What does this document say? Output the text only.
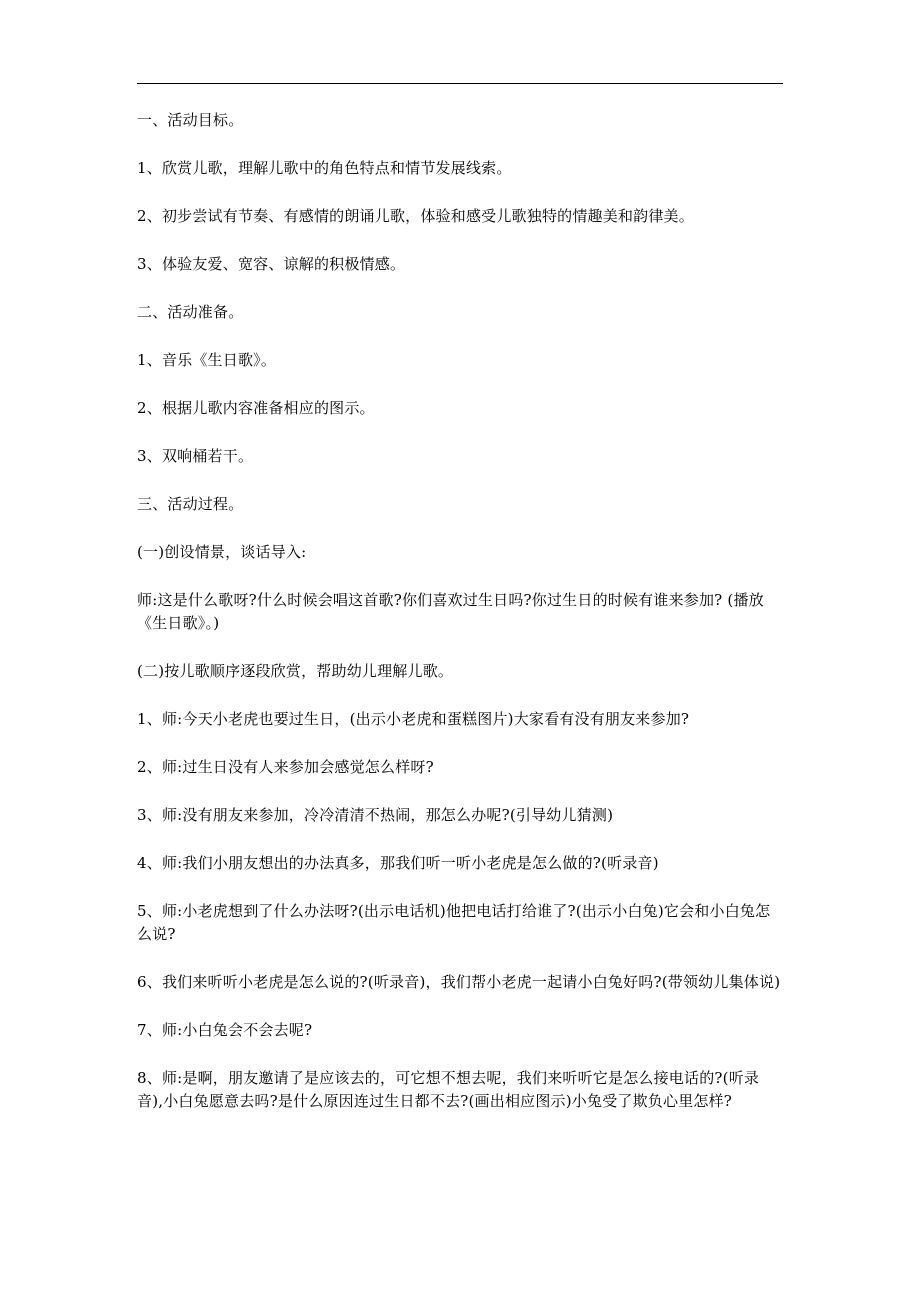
一、活动目标。

1、欣赏儿歌，理解儿歌中的角色特点和情节发展线索。

2、初步尝试有节奏、有感情的朗诵儿歌，体验和感受儿歌独特的情趣美和韵律美。

3、体验友爱、宽容、谅解的积极情感。

二、活动准备。

1、音乐《生日歌》。

2、根据儿歌内容准备相应的图示。

3、双响桶若干。

三、活动过程。

(一)创设情景，谈话导入:

师:这是什么歌呀?什么时候会唱这首歌?你们喜欢过生日吗?你过生日的时候有谁来参加? (播放《生日歌》。)

(二)按儿歌顺序逐段欣赏，帮助幼儿理解儿歌。

1、师:今天小老虎也要过生日，(出示小老虎和蛋糕图片)大家看有没有朋友来参加?

2、师:过生日没有人来参加会感觉怎么样呀?

3、师:没有朋友来参加，冷冷清清不热闹，那怎么办呢?(引导幼儿猜测)

4、师:我们小朋友想出的办法真多，那我们听一听小老虎是怎么做的?(听录音)

5、师:小老虎想到了什么办法呀?(出示电话机)他把电话打给谁了?(出示小白兔)它会和小白兔怎么说?

6、我们来听听小老虎是怎么说的?(听录音)，我们帮小老虎一起请小白兔好吗?(带领幼儿集体说)

7、师:小白兔会不会去呢?

8、师:是啊，朋友邀请了是应该去的，可它想不想去呢，我们来听听它是怎么接电话的?(听录音),小白兔愿意去吗?是什么原因连过生日都不去?(画出相应图示)小兔受了欺负心里怎样?
